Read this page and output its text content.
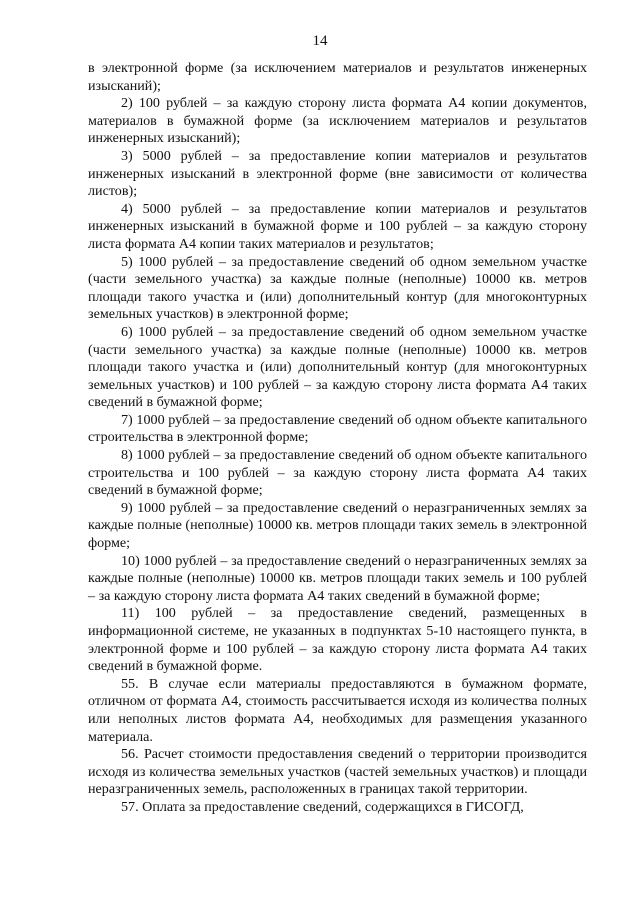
14

в электронной форме (за исключением материалов и результатов инженерных изысканий);

2) 100 рублей – за каждую сторону листа формата А4 копии документов, материалов в бумажной форме (за исключением материалов и результатов инженерных изысканий);

3) 5000 рублей – за предоставление копии материалов и результатов инженерных изысканий в электронной форме (вне зависимости от количества листов);

4) 5000 рублей – за предоставление копии материалов и результатов инженерных изысканий в бумажной форме и 100 рублей – за каждую сторону листа формата А4 копии таких материалов и результатов;

5) 1000 рублей – за предоставление сведений об одном земельном участке (части земельного участка) за каждые полные (неполные) 10000 кв. метров площади такого участка и (или) дополнительный контур (для многоконтурных земельных участков) в электронной форме;

6) 1000 рублей – за предоставление сведений об одном земельном участке (части земельного участка) за каждые полные (неполные) 10000 кв. метров площади такого участка и (или) дополнительный контур (для многоконтурных земельных участков) и 100 рублей – за каждую сторону листа формата А4 таких сведений в бумажной форме;

7) 1000 рублей – за предоставление сведений об одном объекте капитального строительства в электронной форме;

8) 1000 рублей – за предоставление сведений об одном объекте капитального строительства и 100 рублей – за каждую сторону листа формата А4 таких сведений в бумажной форме;

9) 1000 рублей – за предоставление сведений о неразграниченных землях за каждые полные (неполные) 10000 кв. метров площади таких земель в электронной форме;

10) 1000 рублей – за предоставление сведений о неразграниченных землях за каждые полные (неполные) 10000 кв. метров площади таких земель и 100 рублей – за каждую сторону листа формата А4 таких сведений в бумажной форме;

11) 100 рублей – за предоставление сведений, размещенных в информационной системе, не указанных в подпунктах 5-10 настоящего пункта, в электронной форме и 100 рублей – за каждую сторону листа формата А4 таких сведений в бумажной форме.

55. В случае если материалы предоставляются в бумажном формате, отличном от формата А4, стоимость рассчитывается исходя из количества полных или неполных листов формата А4, необходимых для размещения указанного материала.

56. Расчет стоимости предоставления сведений о территории производится исходя из количества земельных участков (частей земельных участков) и площади неразграниченных земель, расположенных в границах такой территории.

57. Оплата за предоставление сведений, содержащихся в ГИСОГД,
